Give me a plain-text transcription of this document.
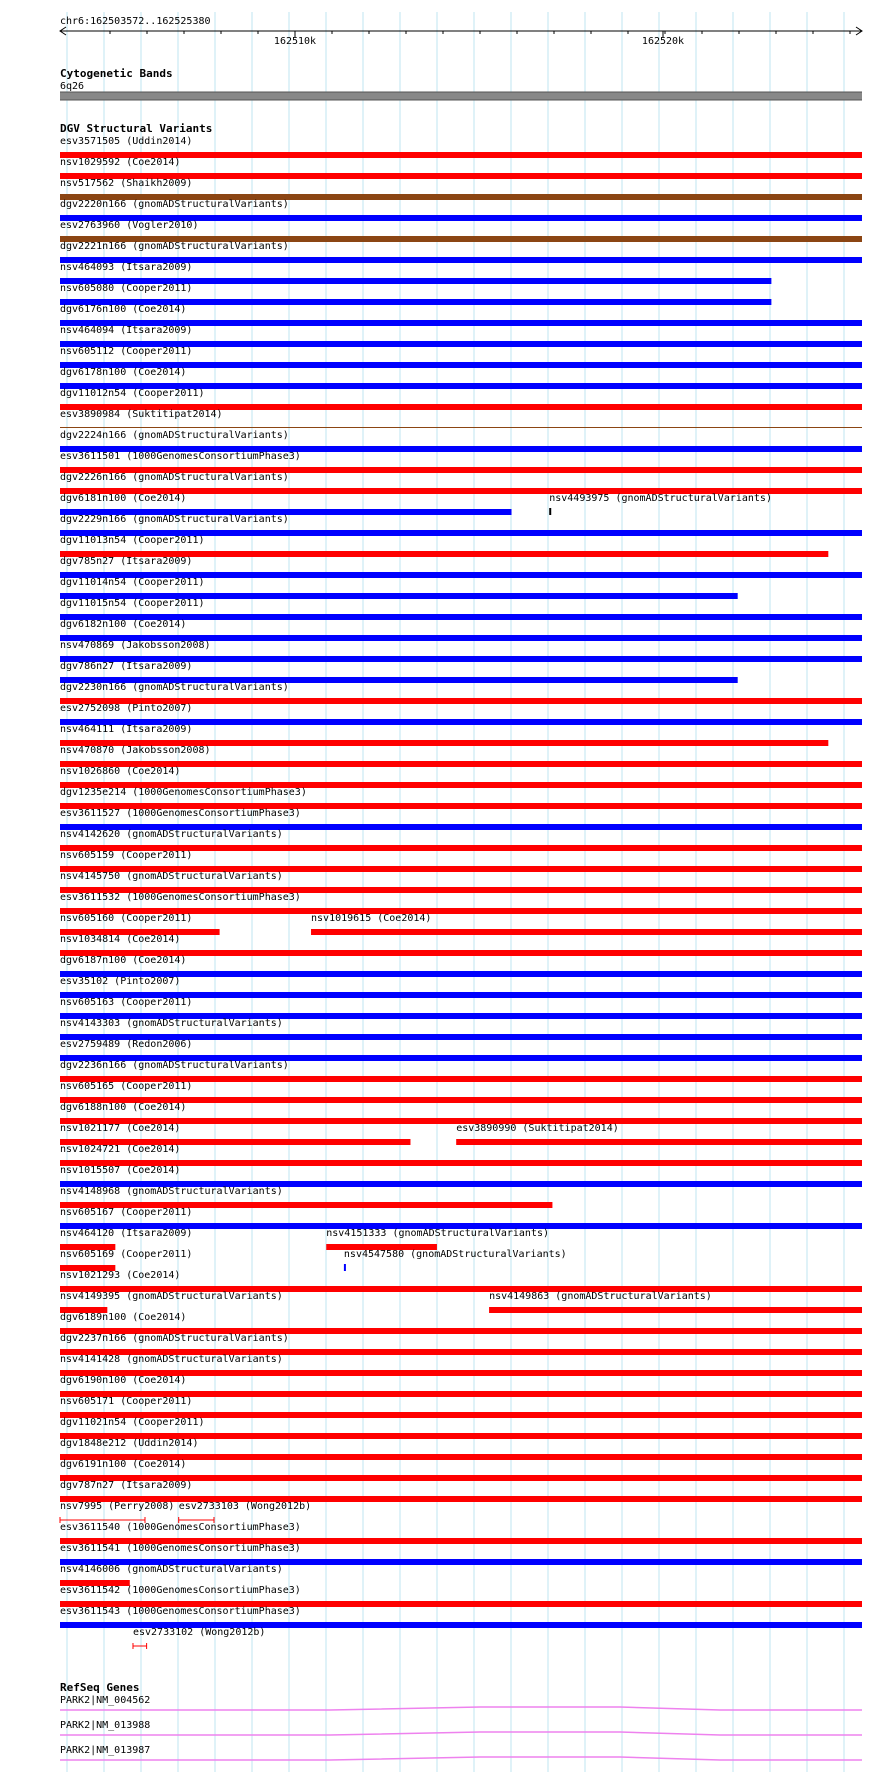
chr6:162503572..162525380
162510k	162520k
Cytogenetic Bands
6q26
DGV Structural Variants
esv3571505 (Uddin2014)
nsv1029592 (Coe2014)
nsv517562 (Shaikh2009)
dgv2220n166 (gnomADStructuralVariants)
esv2763960 (Vogler2010)
dgv2221n166 (gnomADStructuralVariants)
nsv464093 (Itsara2009)
nsv605080 (Cooper2011)
dgv6176n100 (Coe2014)
nsv464094 (Itsara2009)
nsv605112 (Cooper2011)
dgv6178n100 (Coe2014)
dgv11012n54 (Cooper2011)
esv3890984 (Suktitipat2014)
dgv2224n166 (gnomADStructuralVariants)
esv3611501 (1000GenomesConsortiumPhase3)
dgv2226n166 (gnomADStructuralVariants)
dgv6181n100 (Coe2014)	nsv4493975 (gnomADStructuralVariants)
dgv2229n166 (gnomADStructuralVariants)
dgv11013n54 (Cooper2011)
dgv785n27 (Itsara2009)
dgv11014n54 (Cooper2011)
dgv11015n54 (Cooper2011)
dgv6182n100 (Coe2014)
nsv470869 (Jakobsson2008)
dgv786n27 (Itsara2009)
dgv2230n166 (gnomADStructuralVariants)
esv2752098 (Pinto2007)
nsv464111 (Itsara2009)
nsv470870 (Jakobsson2008)
nsv1026860 (Coe2014)
dgv1235e214 (1000GenomesConsortiumPhase3)
esv3611527 (1000GenomesConsortiumPhase3)
nsv4142620 (gnomADStructuralVariants)
nsv605159 (Cooper2011)
nsv4145750 (gnomADStructuralVariants)
esv3611532 (1000GenomesConsortiumPhase3)
nsv605160 (Cooper2011)	nsv1019615 (Coe2014)
nsv1034814 (Coe2014)
dgv6187n100 (Coe2014)
esv35102 (Pinto2007)
nsv605163 (Cooper2011)
nsv4143303 (gnomADStructuralVariants)
esv2759489 (Redon2006)
dgv2236n166 (gnomADStructuralVariants)
nsv605165 (Cooper2011)
dgv6188n100 (Coe2014)
nsv1021177 (Coe2014)	esv3890990 (Suktitipat2014)
nsv1024721 (Coe2014)
nsv1015507 (Coe2014)
nsv4148968 (gnomADStructuralVariants)
nsv605167 (Cooper2011)
nsv464120 (Itsara2009)	nsv4151333 (gnomADStructuralVariants)
nsv605169 (Cooper2011)	nsv4547580 (gnomADStructuralVariants)
nsv1021293 (Coe2014)
nsv4149395 (gnomADStructuralVariants)	nsv4149863 (gnomADStructuralVariants)
dgv6189n100 (Coe2014)
dgv2237n166 (gnomADStructuralVariants)
nsv4141428 (gnomADStructuralVariants)
dgv6190n100 (Coe2014)
nsv605171 (Cooper2011)
dgv11021n54 (Cooper2011)
dgv1848e212 (Uddin2014)
dgv6191n100 (Coe2014)
dgv787n27 (Itsara2009)
nsv7995 (Perry2008) esv2733103 (Wong2012b)
esv3611540 (1000GenomesConsortiumPhase3)
esv3611541 (1000GenomesConsortiumPhase3)
nsv4146006 (gnomADStructuralVariants)
esv3611542 (1000GenomesConsortiumPhase3)
esv3611543 (1000GenomesConsortiumPhase3)
esv2733102 (Wong2012b)
RefSeq Genes
PARK2|NM_004562
PARK2|NM_013988
PARK2|NM_013987
